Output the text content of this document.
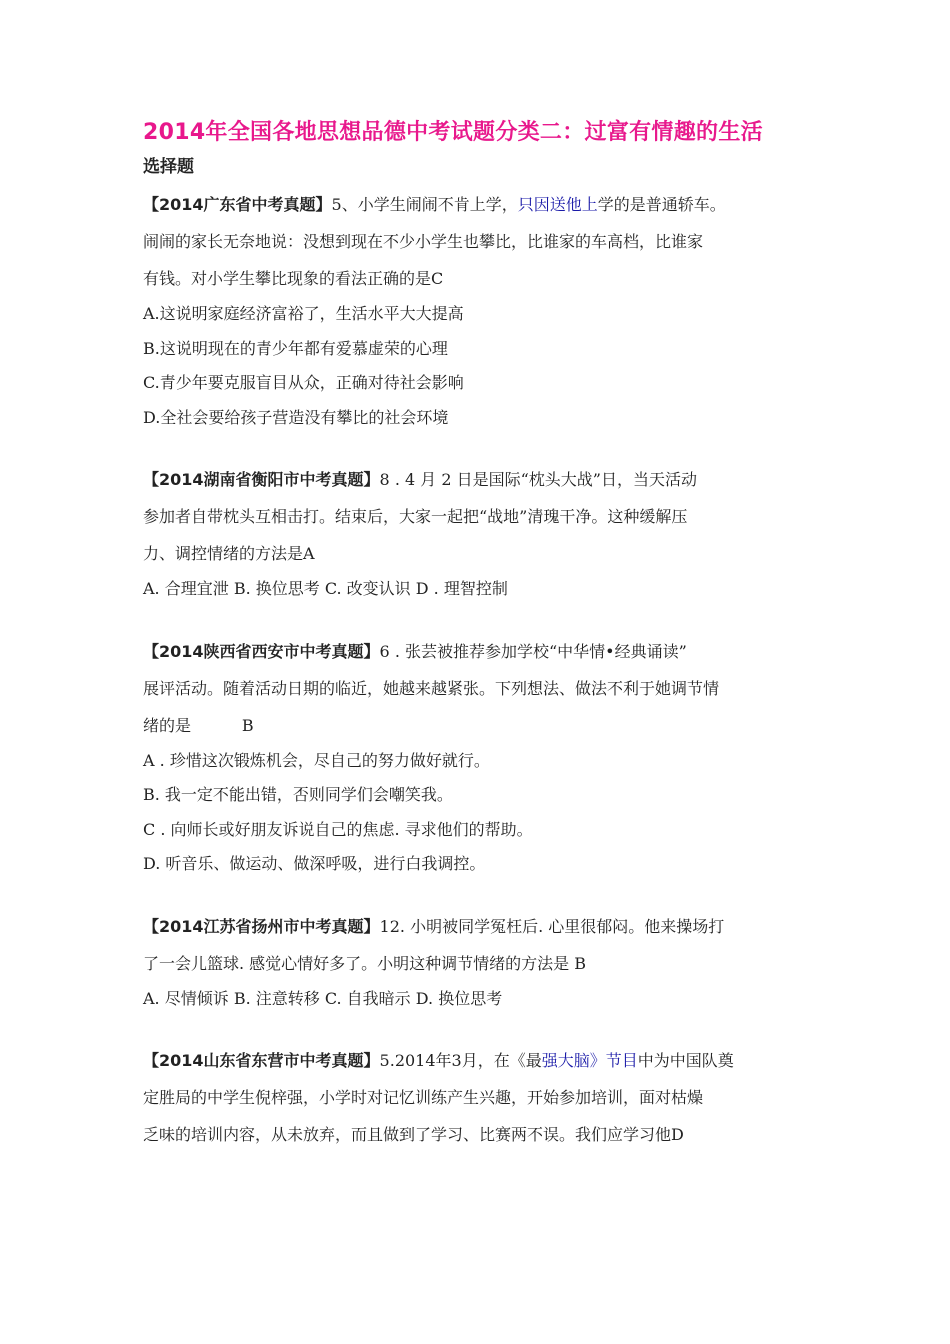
2014年全国各地思想品德中考试题分类二：过富有情趣的生活
选择题
【2014广东省中考真题】5、小学生闹闹不肯上学，只因送他上学的是普通轿车。
闹闹的家长无奈地说：没想到现在不少小学生也攀比，比谁家的车高档，比谁家
有钱。对小学生攀比现象的看法正确的是C
A.这说明家庭经济富裕了，生活水平大大提高
B.这说明现在的青少年都有爱慕虚荣的心理
C.青少年要克服盲目从众，正确对待社会影响
D.全社会要给孩子营造没有攀比的社会环境
【2014湖南省衡阳市中考真题】8 . 4 月 2 日是国际“枕头大战”日，当天活动
参加者自带枕头互相击打。结束后，大家一起把“战地”清瑰干净。这种缓解压
力、调控情绪的方法是A
A. 合理宜泄 B. 换位思考 C. 改变认识 D . 理智控制
【2014陕西省西安市中考真题】6 . 张芸被推荐参加学校“中华情•经典诵读”
展评活动。随着活动日期的临近，她越来越紧张。下列想法、做法不利于她调节情
绪的是          B
A . 珍惜这次锻炼机会，尽自己的努力做好就行。
B. 我一定不能出错，否则同学们会嘲笑我。
C . 向师长或好朋友诉说自己的焦虑. 寻求他们的帮助。
D. 听音乐、做运动、做深呼吸，进行白我调控。
【2014江苏省扬州市中考真题】12. 小明被同学冤枉后. 心里很郁闷。他来操场打
了一会儿篮球. 感觉心情好多了。小明这种调节情绪的方法是 B
A. 尽情倾诉 B. 注意转移 C. 自我暗示 D. 换位思考
【2014山东省东营市中考真题】5.2014年3月，在《最强大脑》节目中为中国队奠
定胜局的中学生倪梓强，小学时对记忆训练产生兴趣，开始参加培训，面对枯燥
乏味的培训内容，从未放弃，而且做到了学习、比赛两不误。我们应学习他D
